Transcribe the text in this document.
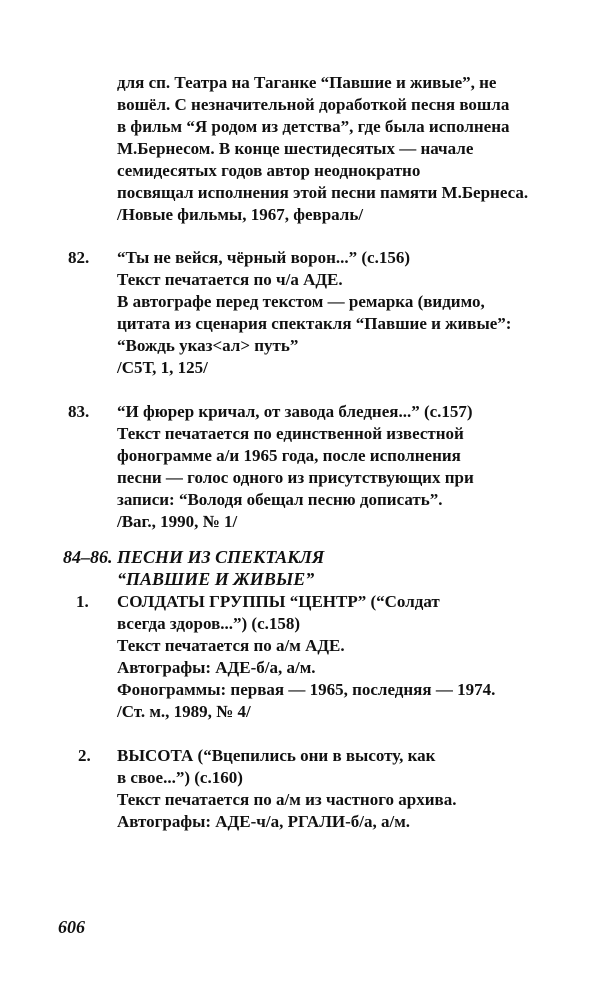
для сп. Театра на Таганке “Павшие и живые”, не
вошёл. С незначительной доработкой песня вошла
в фильм “Я родом из детства”, где была исполнена
М.Бернесом. В конце шестидесятых — начале
семидесятых годов автор неоднократно
посвящал исполнения этой песни памяти М.Бернеса.
/Новые фильмы, 1967, февраль/
82. “Ты не вейся, чёрный ворон...” (с.156)
Текст печатается по ч/а АДЕ.
В автографе перед текстом — ремарка (видимо,
цитата из сценария спектакля “Павшие и живые”:
“Вождь указ<ал> путь”
/С5Т, 1, 125/
83. “И фюрер кричал, от завода бледнея...” (с.157)
Текст печатается по единственной известной
фонограмме а/и 1965 года, после исполнения
песни — голос одного из присутствующих при
записи: “Володя обещал песню дописать”.
/Ваг., 1990, № 1/
84–86. ПЕСНИ ИЗ СПЕКТАКЛЯ
“ПАВШИЕ И ЖИВЫЕ”
1. СОЛДАТЫ ГРУППЫ “ЦЕНТР” (“Солдат
всегда здоров...”) (с.158)
Текст печатается по а/м АДЕ.
Автографы: АДЕ-б/а, а/м.
Фонограммы: первая — 1965, последняя — 1974.
/Ст. м., 1989, № 4/
2. ВЫСОТА (“Вцепились они в высоту, как
в свое...”) (с.160)
Текст печатается по а/м из частного архива.
Автографы: АДЕ-ч/а, РГАЛИ-б/а, а/м.
606
